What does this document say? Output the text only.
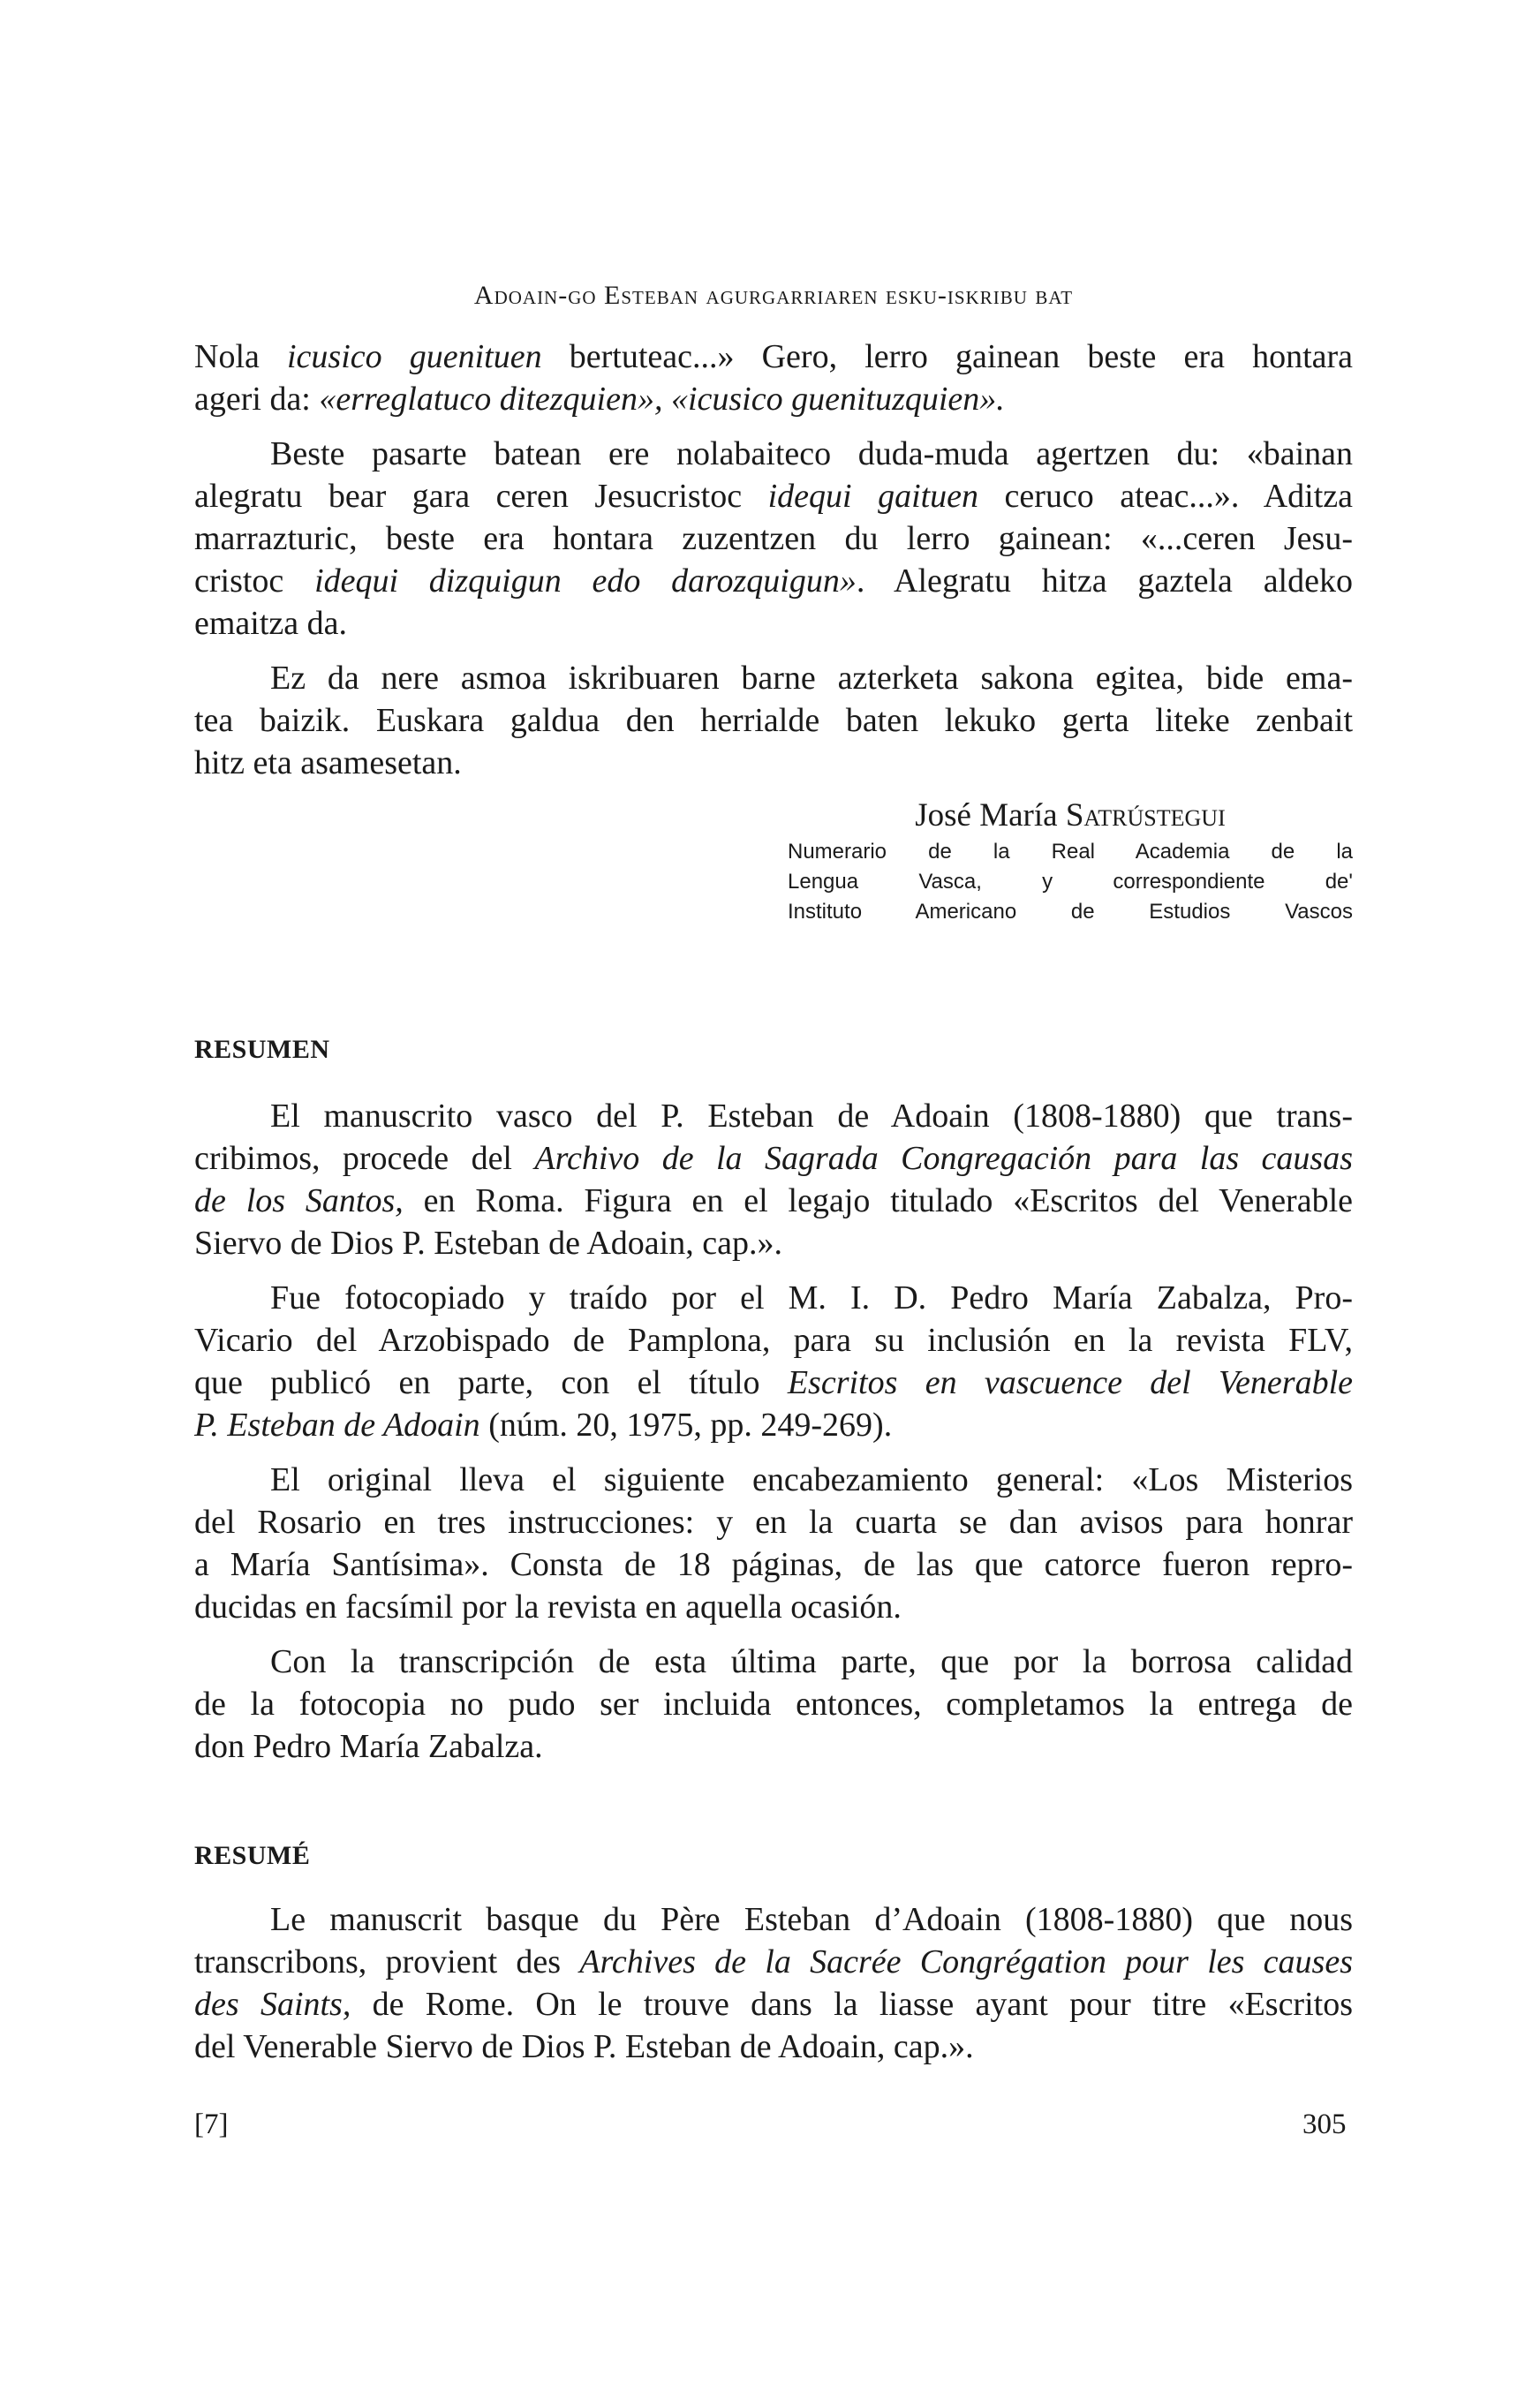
Adoain-go Esteban agurgarriaren esku-iskribu bat
Nola icusico guenituen bertuteac...» Gero, lerro gainean beste era hontara
ageri da: «erreglatuco ditezquien», «icusico guenituzquien».
Beste pasarte batean ere nolabaiteco duda-muda agertzen du: «bainan
alegratu bear gara ceren Jesucristoc idequi gaituen ceruco ateac...». Aditza
marrazturic, beste era hontara zuzentzen du lerro gainean: «...ceren Jesu-
cristoc idequi dizquigun edo darozquigun». Alegratu hitza gaztela aldeko
emaitza da.
Ez da nere asmoa iskribuaren barne azterketa sakona egitea, bide ema-
tea baizik. Euskara galdua den herrialde baten lekuko gerta liteke zenbait
hitz eta asamesetan.
José María Satrústegui
Numerario de la Real Academia de la
Lengua Vasca, y correspondiente de'
Instituto Americano de Estudios Vascos
RESUMEN
El manuscrito vasco del P. Esteban de Adoain (1808-1880) que trans-
cribimos, procede del Archivo de la Sagrada Congregación para las causas
de los Santos, en Roma. Figura en el legajo titulado «Escritos del Venerable
Siervo de Dios P. Esteban de Adoain, cap.».
Fue fotocopiado y traído por el M. I. D. Pedro María Zabalza, Pro-
Vicario del Arzobispado de Pamplona, para su inclusión en la revista FLV,
que publicó en parte, con el título Escritos en vascuence del Venerable
P. Esteban de Adoain (núm. 20, 1975, pp. 249-269).
El original lleva el siguiente encabezamiento general: «Los Misterios
del Rosario en tres instrucciones: y en la cuarta se dan avisos para honrar
a María Santísima». Consta de 18 páginas, de las que catorce fueron repro-
ducidas en facsímil por la revista en aquella ocasión.
Con la transcripción de esta última parte, que por la borrosa calidad
de la fotocopia no pudo ser incluida entonces, completamos la entrega de
don Pedro María Zabalza.
RESUMÉ
Le manuscrit basque du Père Esteban d’Adoain (1808-1880) que nous
transcribons, provient des Archives de la Sacrée Congrégation pour les causes
des Saints, de Rome. On le trouve dans la liasse ayant pour titre «Escritos
del Venerable Siervo de Dios P. Esteban de Adoain, cap.».
[7]	305
